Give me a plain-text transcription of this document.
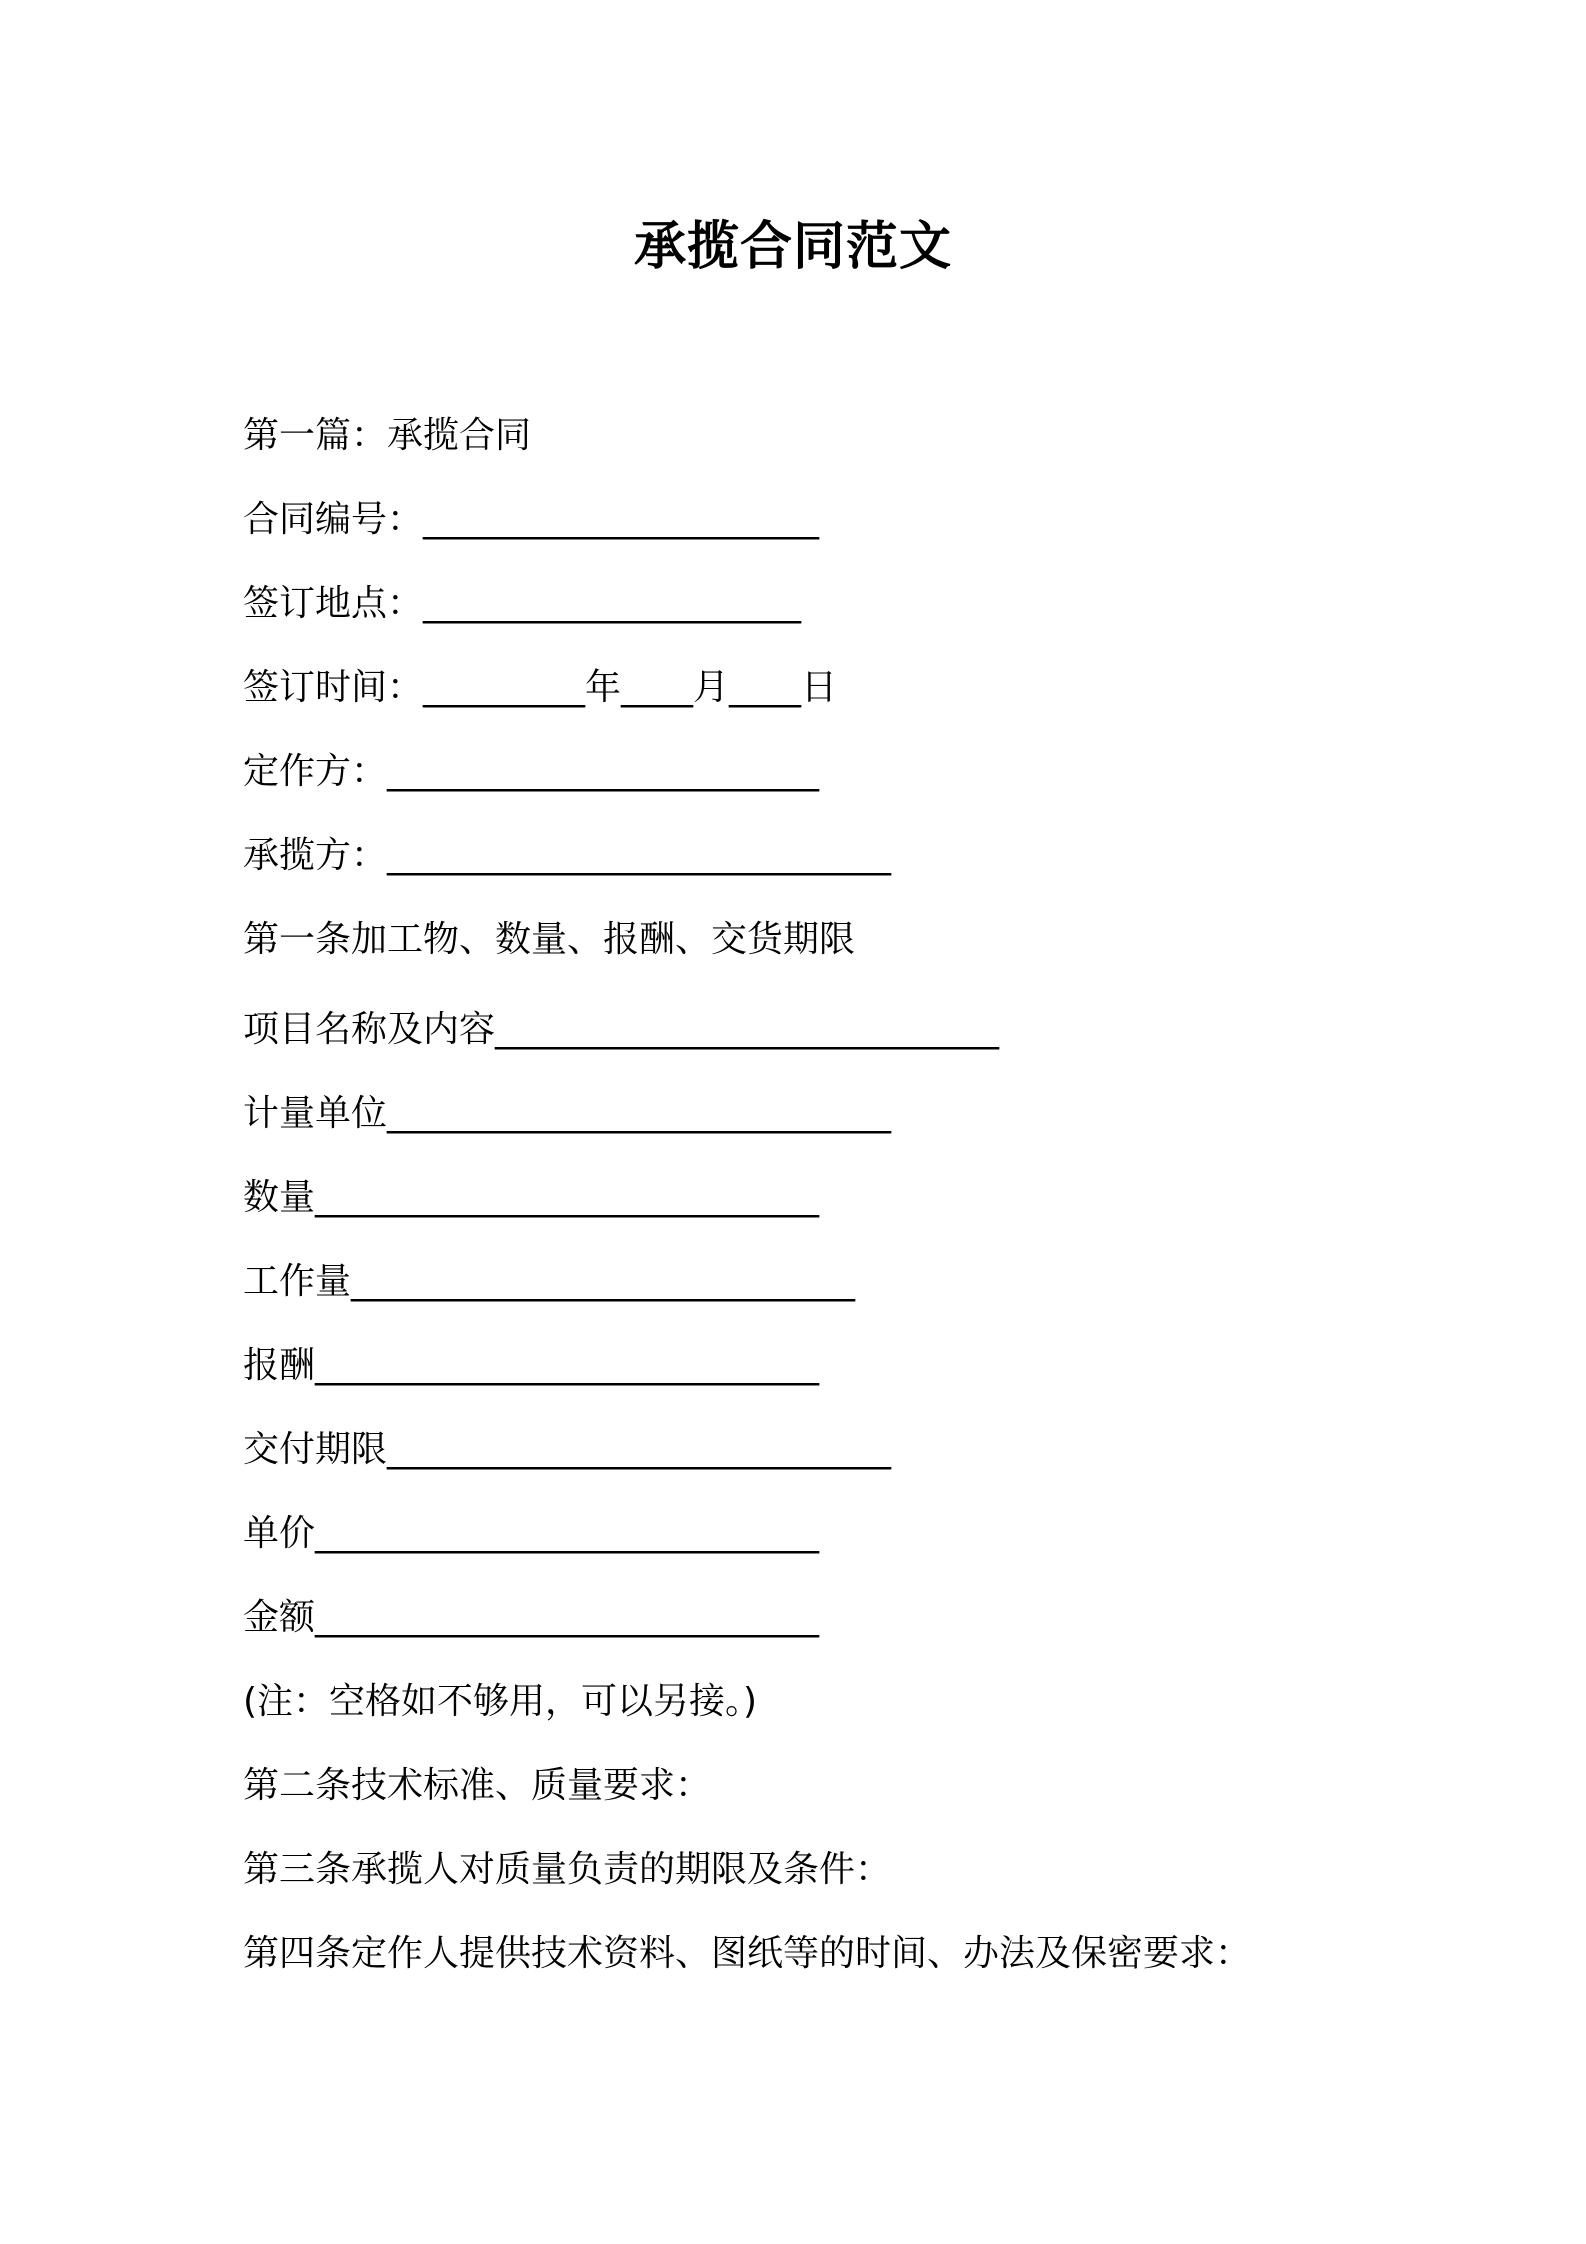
承揽合同范文
第一篇：承揽合同
合同编号：______________________
签订地点：_____________________
签订时间：_________年____月____日
定作方：________________________
承揽方：____________________________
第一条加工物、数量、报酬、交货期限
项目名称及内容____________________________
计量单位____________________________
数量____________________________
工作量____________________________
报酬____________________________
交付期限____________________________
单价____________________________
金额____________________________
(注：空格如不够用，可以另接。)
第二条技术标准、质量要求：
第三条承揽人对质量负责的期限及条件：
第四条定作人提供技术资料、图纸等的时间、办法及保密要求：
